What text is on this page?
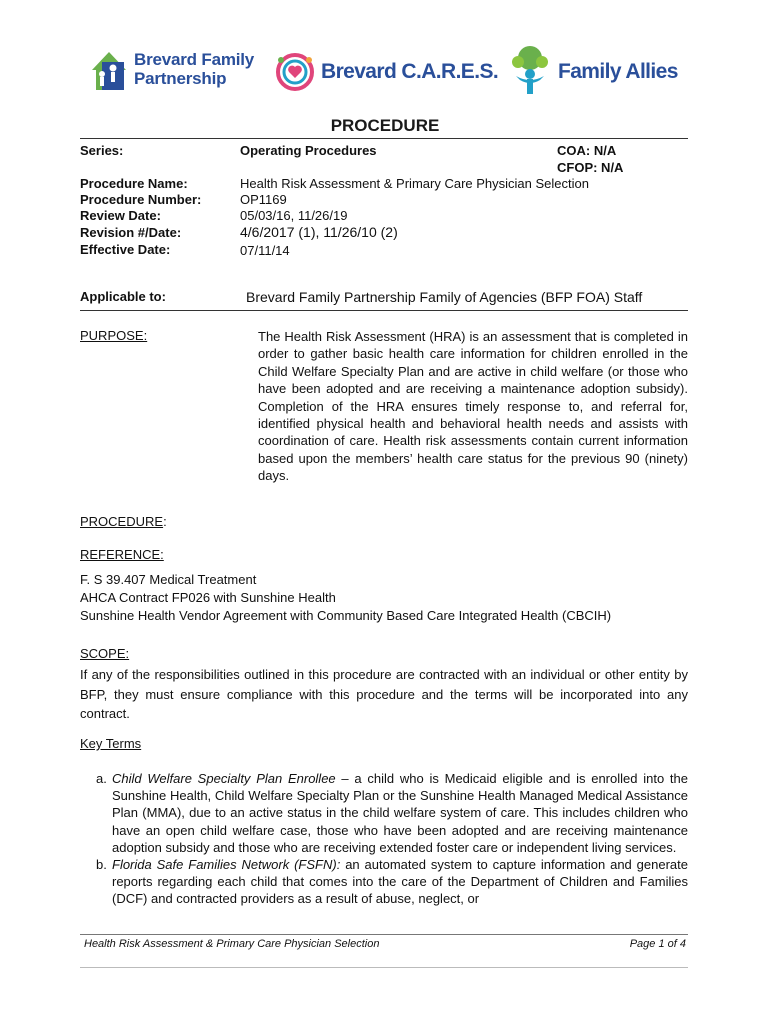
Brevard Family
Partnership	Brevard C.A.R.E.S.	Family Allies
PROCEDURE
Series:	Operating Procedures	COA: N/A
CFOP: N/A
Procedure Name:	Health Risk Assessment & Primary Care Physician Selection
Procedure Number:	OP1169
Review Date:	05/03/16, 11/26/19
Revision #/Date:	4/6/2017 (1), 11/26/10 (2)
Effective Date:	07/11/14
Applicable to:	Brevard Family Partnership Family of Agencies (BFP FOA) Staff
PURPOSE:	The Health Risk Assessment (HRA) is an assessment that is completed in order to gather basic health care information for children enrolled in the Child Welfare Specialty Plan and are active in child welfare (or those who have been adopted and are receiving a maintenance adoption subsidy). Completion of the HRA ensures timely response to, and referral for, identified physical health and behavioral health needs and assists with coordination of care. Health risk assessments contain current information based upon the members’ health care status for the previous 90 (ninety) days.
PROCEDURE:
REFERENCE:
F. S 39.407 Medical Treatment
AHCA Contract FP026 with Sunshine Health
Sunshine Health Vendor Agreement with Community Based Care Integrated Health (CBCIH)
SCOPE:
If any of the responsibilities outlined in this procedure are contracted with an individual or other entity by BFP, they must ensure compliance with this procedure and the terms will be incorporated into any contract.
Key Terms
a. Child Welfare Specialty Plan Enrollee – a child who is Medicaid eligible and is enrolled into the Sunshine Health, Child Welfare Specialty Plan or the Sunshine Health Managed Medical Assistance Plan (MMA), due to an active status in the child welfare system of care. This includes children who have an open child welfare case, those who have been adopted and are receiving maintenance adoption subsidy and those who are receiving extended foster care or independent living services.
b. Florida Safe Families Network (FSFN): an automated system to capture information and generate reports regarding each child that comes into the care of the Department of Children and Families (DCF) and contracted providers as a result of abuse, neglect, or
Health Risk Assessment & Primary Care Physician Selection	Page 1 of 4
